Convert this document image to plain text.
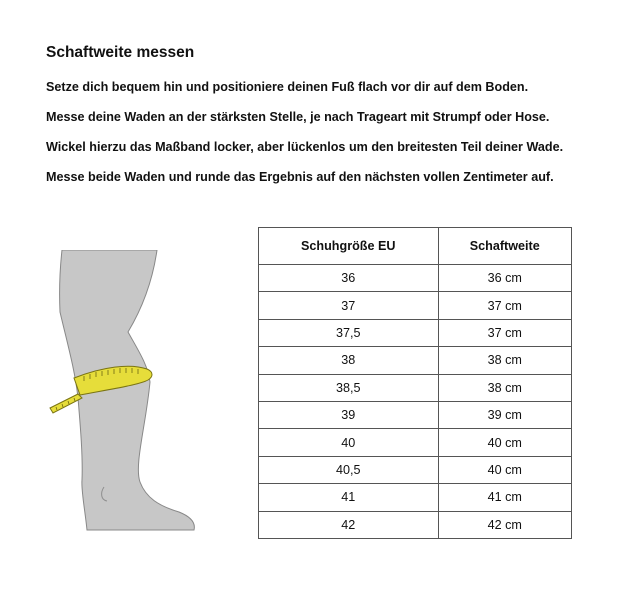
Schaftweite messen

Setze dich bequem hin und positioniere deinen Fuß flach vor dir auf dem Boden.

Messe deine Waden an der stärksten Stelle, je nach Trageart mit Strumpf oder Hose.

Wickel hierzu das Maßband locker, aber lückenlos um den breitesten Teil deiner Wade.

Messe beide Waden und runde das Ergebnis auf den nächsten vollen Zentimeter auf.

Schuhgröße EU	Schaftweite
36	36 cm
37	37 cm
37,5	37 cm
38	38 cm
38,5	38 cm
39	39 cm
40	40 cm
40,5	40 cm
41	41 cm
42	42 cm
